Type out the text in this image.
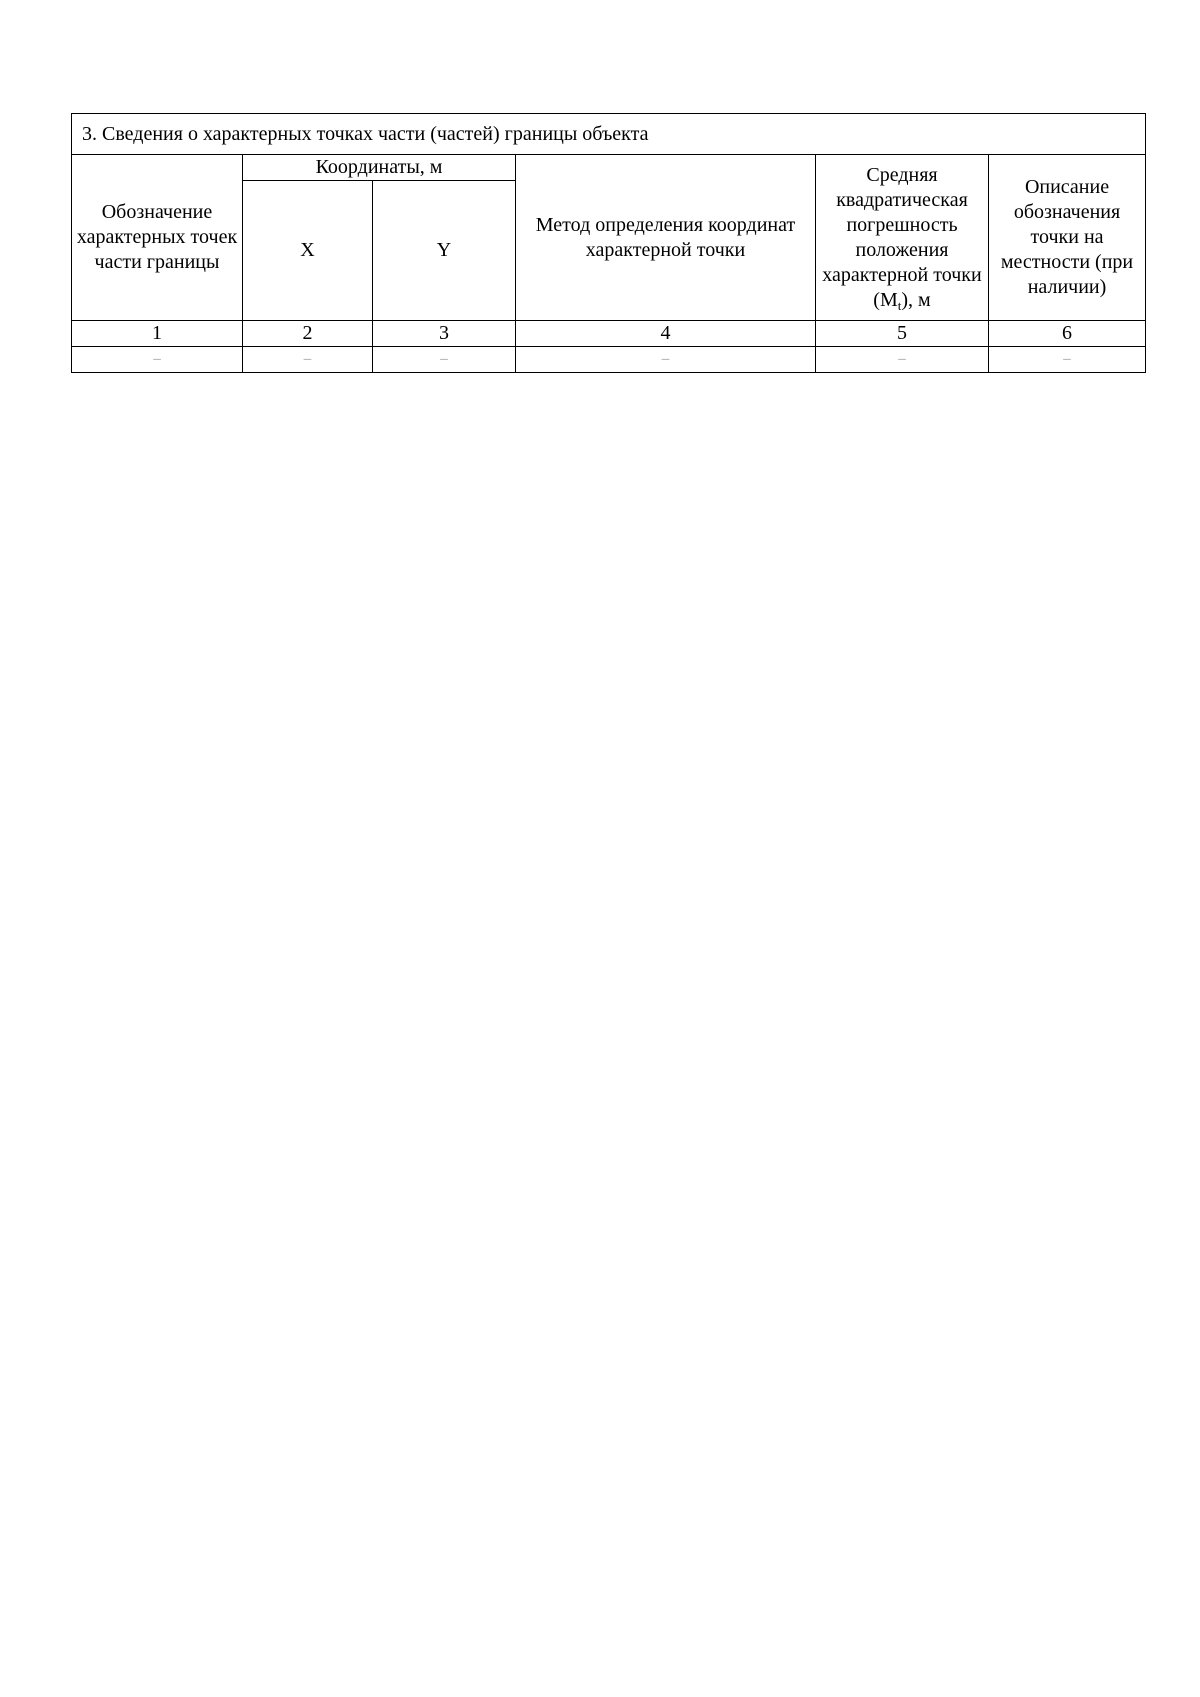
3. Сведения о характерных точках части (частей) границы объекта					
Обозначение характерных точек части границы	Координаты, м		Метод определения координат характерной точки	Средняя квадратическая погрешность положения характерной точки $(M_t)$, м	Описание обозначения точки на местности (при наличии)
	X	Y			
1	2	3	4	5	6
–	–	–	–	–	–
